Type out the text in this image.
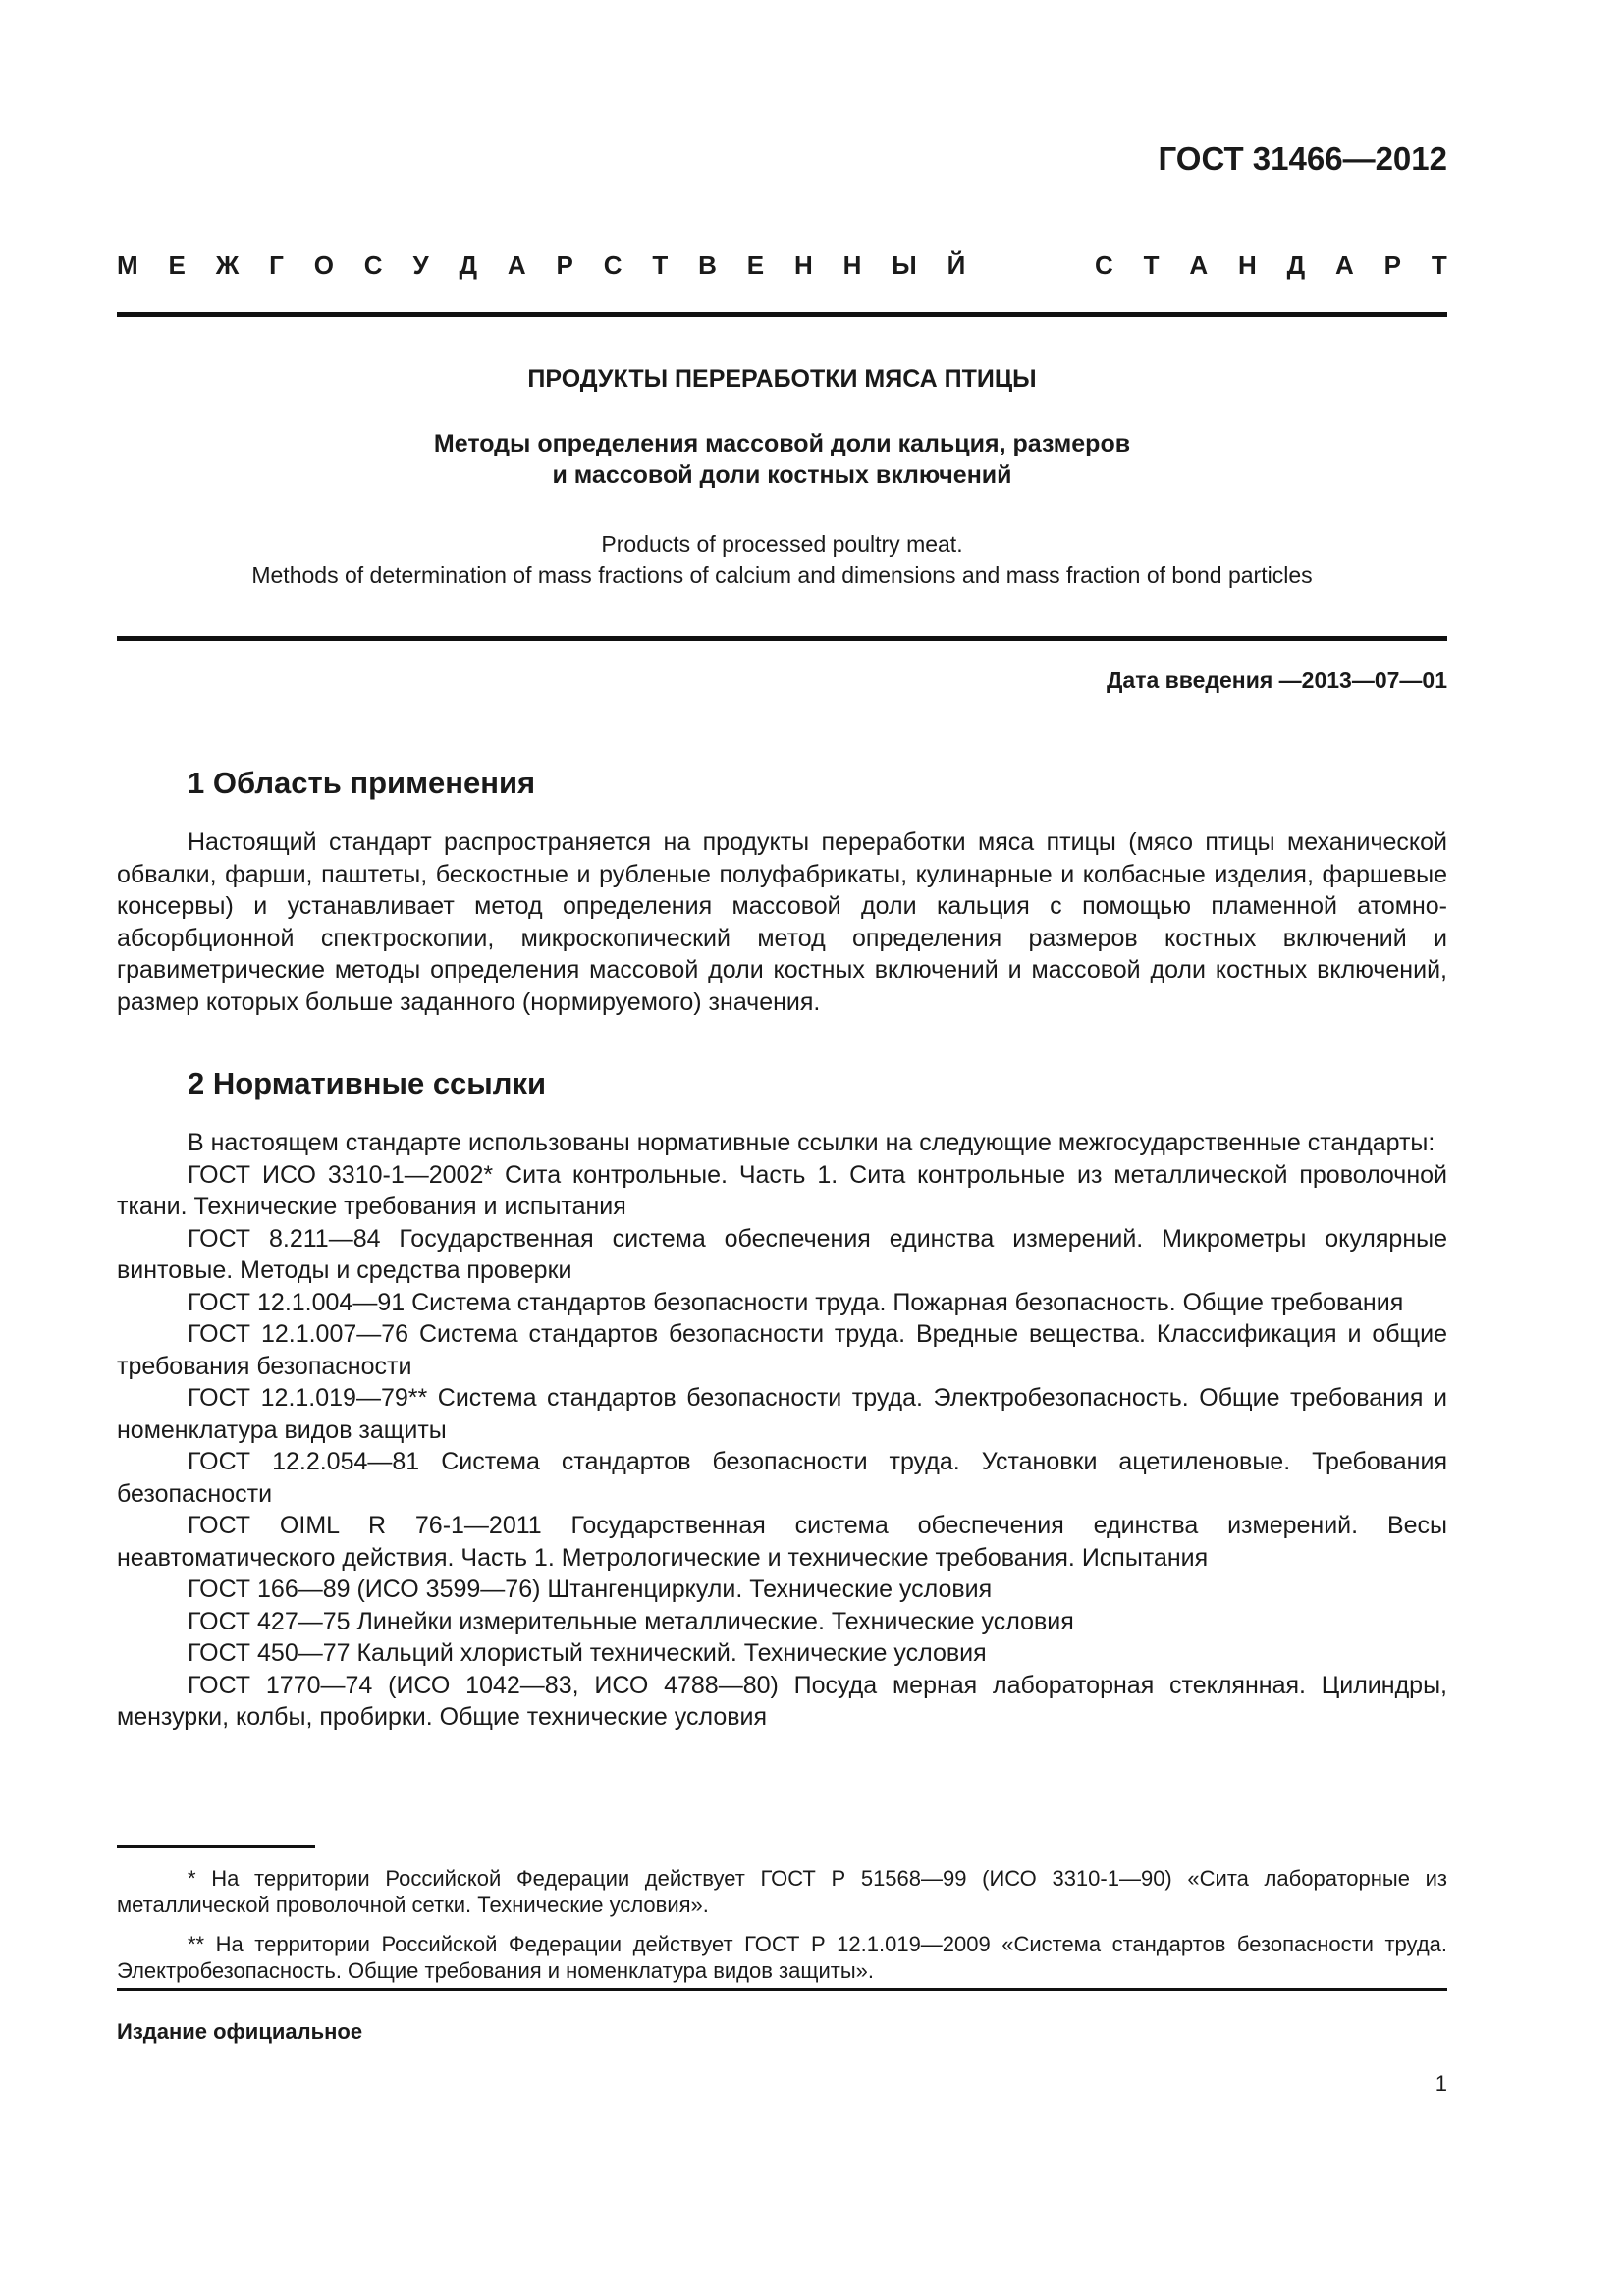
ГОСТ 31466—2012
М Е Ж Г О С У Д А Р С Т В Е Н Н Ы Й	С Т А Н Д А Р Т
ПРОДУКТЫ ПЕРЕРАБОТКИ МЯСА ПТИЦЫ
Методы определения массовой доли кальция, размеров
и массовой доли костных включений
Products of processed poultry meat.
Methods of determination of mass fractions of calcium and dimensions and mass fraction of bond particles
Дата введения —2013—07—01
1 Область применения

Настоящий стандарт распространяется на продукты переработки мяса птицы (мясо птицы механической обвалки, фарши, паштеты, бескостные и рубленые полуфабрикаты, кулинарные и колбасные изделия, фаршевые консервы) и устанавливает метод определения массовой доли кальция с помощью пламенной атомно-абсорбционной спектроскопии, микроскопический метод определения размеров костных включений и гравиметрические методы определения массовой доли костных включений и массовой доли костных включений, размер которых больше заданного (нормируемого) значения.

2 Нормативные ссылки

В настоящем стандарте использованы нормативные ссылки на следующие межгосударственные стандарты:

ГОСТ ИСО 3310-1—2002* Сита контрольные. Часть 1. Сита контрольные из металлической проволочной ткани. Технические требования и испытания

ГОСТ 8.211—84 Государственная система обеспечения единства измерений. Микрометры окулярные винтовые. Методы и средства проверки

ГОСТ 12.1.004—91 Система стандартов безопасности труда. Пожарная безопасность. Общие требования

ГОСТ 12.1.007—76 Система стандартов безопасности труда. Вредные вещества. Классификация и общие требования безопасности

ГОСТ 12.1.019—79** Система стандартов безопасности труда. Электробезопасность. Общие требования и номенклатура видов защиты

ГОСТ 12.2.054—81 Система стандартов безопасности труда. Установки ацетиленовые. Требования безопасности

ГОСТ OIML R 76-1—2011 Государственная система обеспечения единства измерений. Весы неавтоматического действия. Часть 1. Метрологические и технические требования. Испытания

ГОСТ 166—89 (ИСО 3599—76) Штангенциркули. Технические условия

ГОСТ 427—75 Линейки измерительные металлические. Технические условия

ГОСТ 450—77 Кальций хлористый технический. Технические условия

ГОСТ 1770—74 (ИСО 1042—83, ИСО 4788—80) Посуда мерная лабораторная стеклянная. Цилиндры, мензурки, колбы, пробирки. Общие технические условия

* На территории Российской Федерации действует ГОСТ Р 51568—99 (ИСО 3310-1—90) «Сита лабораторные из металлической проволочной сетки. Технические условия».

** На территории Российской Федерации действует ГОСТ Р 12.1.019—2009 «Система стандартов безопасности труда. Электробезопасность. Общие требования и номенклатура видов защиты».

Издание официальное
1
